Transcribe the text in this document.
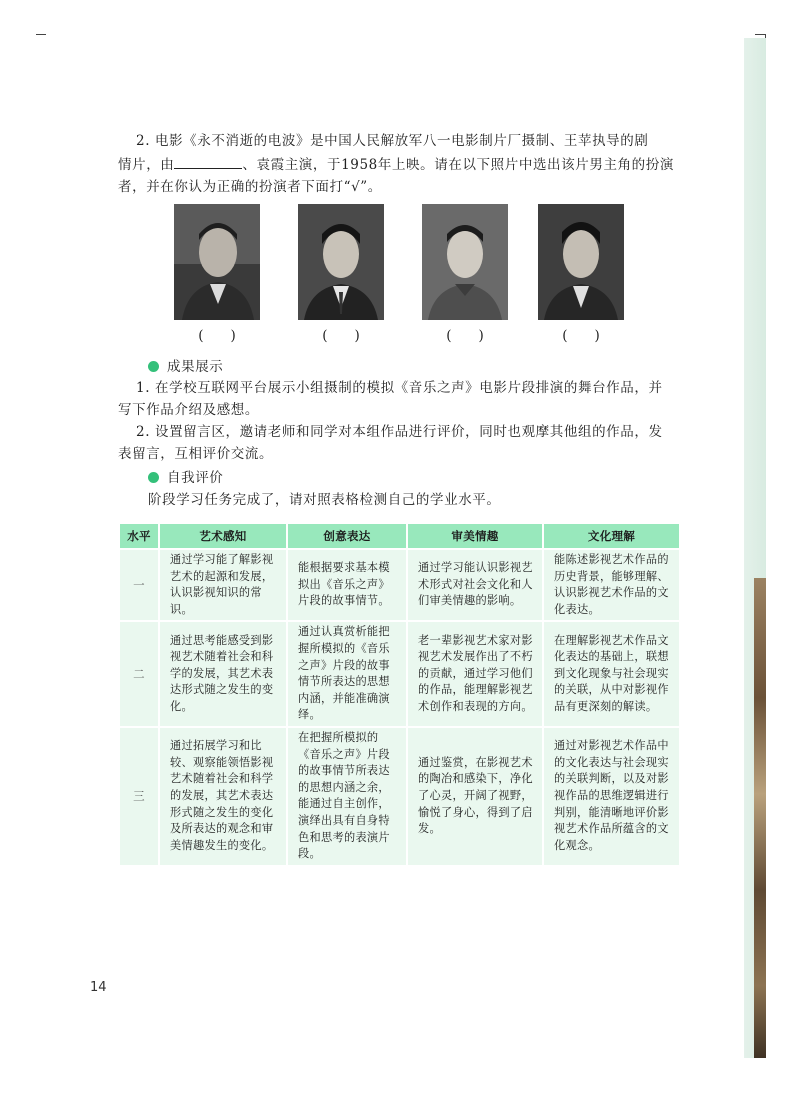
2. 电影《永不消逝的电波》是中国人民解放军八一电影制片厂摄制、王苹执导的剧
情片，由	、袁霞主演，于1958年上映。请在以下照片中选出该片男主角的扮演
者，并在你认为正确的扮演者下面打“√”。
(　　)	(　　)	(　　)	(　　)
成果展示
1. 在学校互联网平台展示小组摄制的模拟《音乐之声》电影片段排演的舞台作品，并
写下作品介绍及感想。
2. 设置留言区，邀请老师和同学对本组作品进行评价，同时也观摩其他组的作品，发
表留言，互相评价交流。
自我评价
阶段学习任务完成了，请对照表格检测自己的学业水平。
水平	艺术感知	创意表达	审美情趣	文化理解
一	通过学习能了解影视艺术的起源和发展，认识影视知识的常识。	能根据要求基本模拟出《音乐之声》片段的故事情节。	通过学习能认识影视艺术形式对社会文化和人们审美情趣的影响。	能陈述影视艺术作品的历史背景，能够理解、认识影视艺术作品的文化表达。
二	通过思考能感受到影视艺术随着社会和科学的发展，其艺术表达形式随之发生的变化。	通过认真赏析能把握所模拟的《音乐之声》片段的故事情节所表达的思想内涵，并能准确演绎。	老一辈影视艺术家对影视艺术发展作出了不朽的贡献，通过学习他们的作品，能理解影视艺术创作和表现的方向。	在理解影视艺术作品文化表达的基础上，联想到文化现象与社会现实的关联，从中对影视作品有更深刻的解读。
三	通过拓展学习和比较、观察能领悟影视艺术随着社会和科学的发展，其艺术表达形式随之发生的变化及所表达的观念和审美情趣发生的变化。	在把握所模拟的《音乐之声》片段的故事情节所表达的思想内涵之余，能通过自主创作，演绎出具有自身特色和思考的表演片段。	通过鉴赏，在影视艺术的陶冶和感染下，净化了心灵，开阔了视野，愉悦了身心，得到了启发。	通过对影视艺术作品中的文化表达与社会现实的关联判断，以及对影视作品的思维逻辑进行判别，能清晰地评价影视艺术作品所蕴含的文化观念。
14
